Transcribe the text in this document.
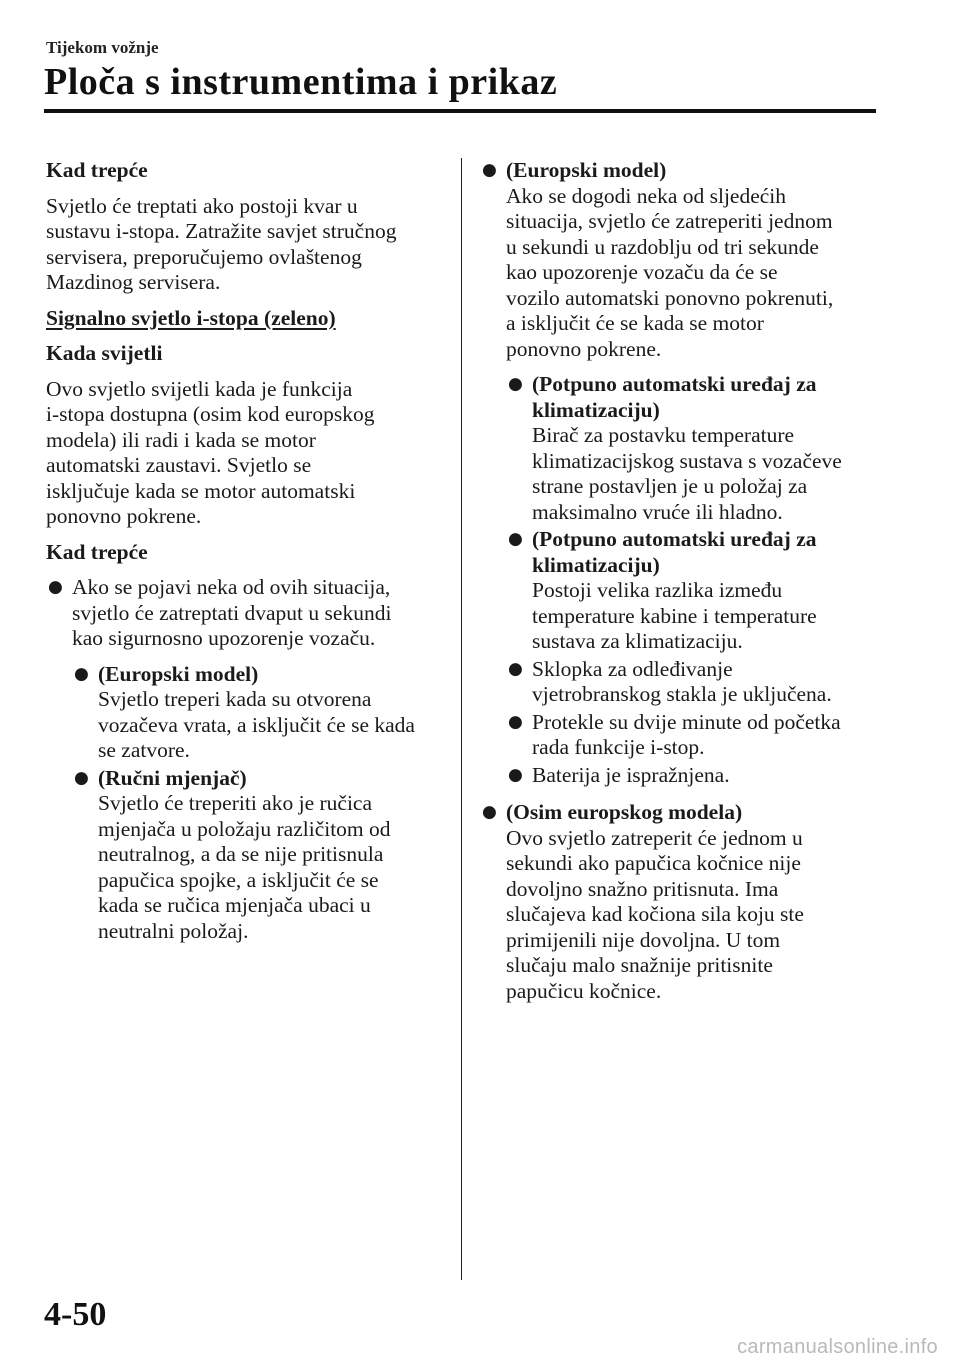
Tijekom vožnje
Ploča s instrumentima i prikaz
Kad trepće
Svjetlo će treptati ako postoji kvar u
sustavu i-stopa. Zatražite savjet stručnog
servisera, preporučujemo ovlaštenog
Mazdinog servisera.
Signalno svjetlo i-stopa (zeleno)
Kada svijetli
Ovo svjetlo svijetli kada je funkcija
i-stopa dostupna (osim kod europskog
modela) ili radi i kada se motor
automatski zaustavi. Svjetlo se
isključuje kada se motor automatski
ponovno pokrene.
Kad trepće
● Ako se pojavi neka od ovih situacija,
svjetlo će zatreptati dvaput u sekundi
kao sigurnosno upozorenje vozaču.
● (Europski model)
Svjetlo treperi kada su otvorena
vozačeva vrata, a isključit će se kada
se zatvore.
● (Ručni mjenjač)
Svjetlo će treperiti ako je ručica
mjenjača u položaju različitom od
neutralnog, a da se nije pritisnula
papučica spojke, a isključit će se
kada se ručica mjenjača ubaci u
neutralni položaj.
● (Europski model)
Ako se dogodi neka od sljedećih
situacija, svjetlo će zatreperiti jednom
u sekundi u razdoblju od tri sekunde
kao upozorenje vozaču da će se
vozilo automatski ponovno pokrenuti,
a isključit će se kada se motor
ponovno pokrene.
● (Potpuno automatski uređaj za
klimatizaciju)
Birač za postavku temperature
klimatizacijskog sustava s vozačeve
strane postavljen je u položaj za
maksimalno vruće ili hladno.
● (Potpuno automatski uređaj za
klimatizaciju)
Postoji velika razlika između
temperature kabine i temperature
sustava za klimatizaciju.
● Sklopka za odleđivanje
vjetrobranskog stakla je uključena.
● Protekle su dvije minute od početka
rada funkcije i-stop.
● Baterija je ispražnjena.
● (Osim europskog modela)
Ovo svjetlo zatreperit će jednom u
sekundi ako papučica kočnice nije
dovoljno snažno pritisnuta. Ima
slučajeva kad kočiona sila koju ste
primijenili nije dovoljna. U tom
slučaju malo snažnije pritisnite
papučicu kočnice.
4-50
carmanualsonline.info
